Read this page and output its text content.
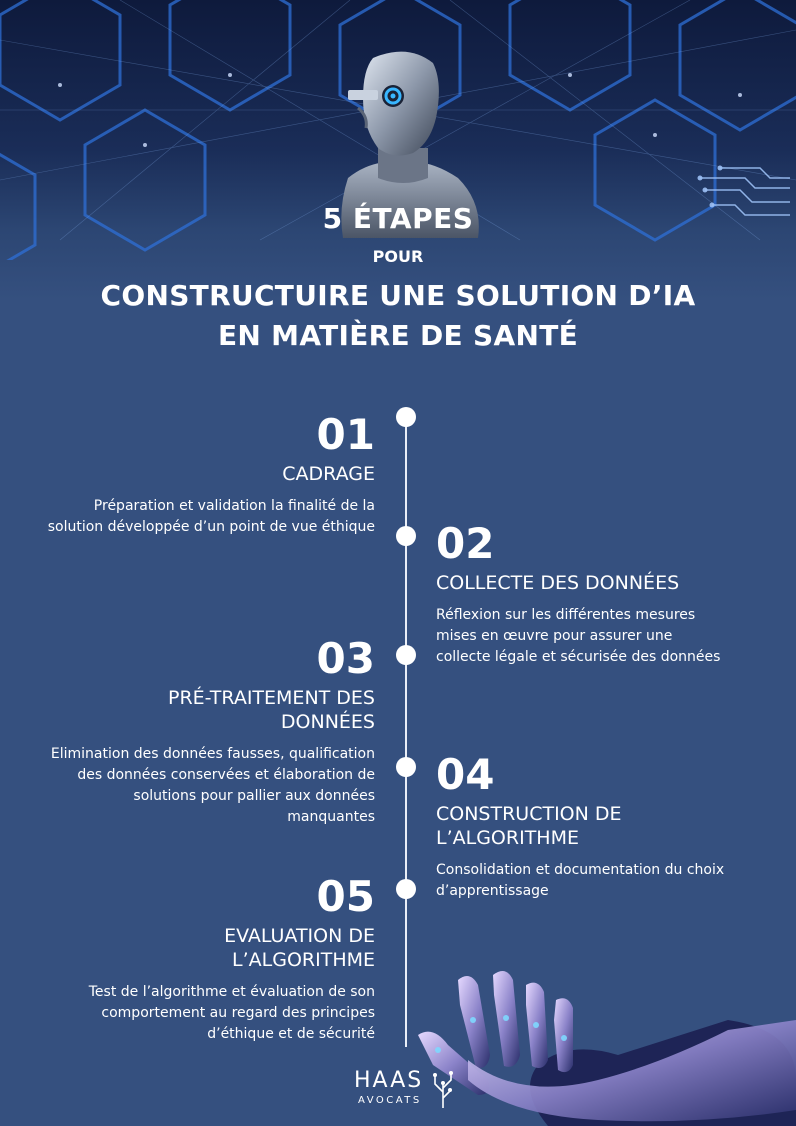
5 ÉTAPES
POUR
CONSTRUCTUIRE UNE SOLUTION D’IA
EN MATIÈRE DE SANTÉ
01
CADRAGE
Préparation et validation la finalité de la
solution développée d’un point de vue éthique 02
COLLECTE DES DONNÉES
Réflexion sur les différentes mesures
mises en œuvre pour assurer une
collecte légale et sécurisée des données
03
PRÉ-TRAITEMENT DES
DONNÉES
Elimination des données fausses, qualification
des données conservées et élaboration de
solutions pour pallier aux données
manquantes
04
CONSTRUCTION DE
L’ALGORITHME
Consolidation et documentation du choix
d’apprentissage
05
EVALUATION DE
L’ALGORITHME
Test de l’algorithme et évaluation de son
comportement au regard des principes
d’éthique et de sécurité
HAAS
AVOCATS
